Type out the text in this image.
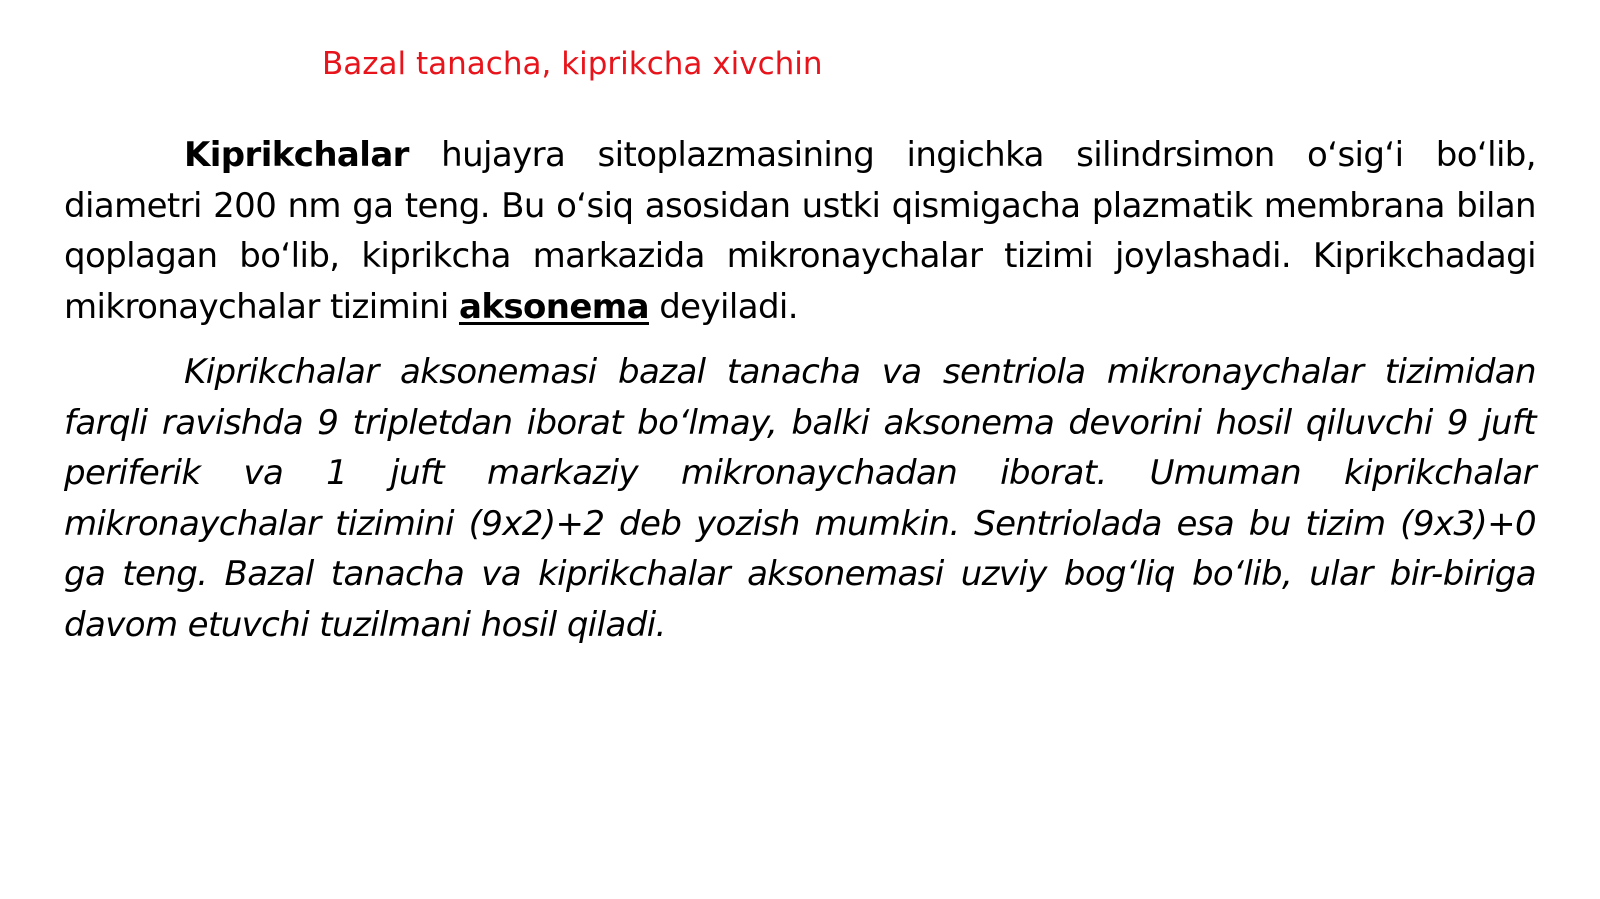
Bazal tanacha, kiprikcha xivchin

Kiprikchalar hujayra sitoplazmasining ingichka silindrsimon o‘sig‘i bo‘lib, diametri 200 nm ga teng. Bu o‘siq asosidan ustki qismigacha plazmatik membrana bilan qoplagan bo‘lib, kiprikcha markazida mikronaychalar tizimi joylashadi. Kiprikchadagi mikronaychalar tizimini aksonema deyiladi.

Kiprikchalar aksonemasi bazal tanacha va sentriola mikronaychalar tizimidan farqli ravishda 9 tripletdan iborat bo‘lmay, balki aksonema devorini hosil qiluvchi 9 juft periferik va 1 juft markaziy mikronaychadan iborat. Umuman kiprikchalar mikronaychalar tizimini (9x2)+2 deb yozish mumkin. Sentriolada esa bu tizim (9x3)+0 ga teng. Bazal tanacha va kiprikchalar aksonemasi uzviy bog‘liq bo‘lib, ular bir-biriga davom etuvchi tuzilmani hosil qiladi.
